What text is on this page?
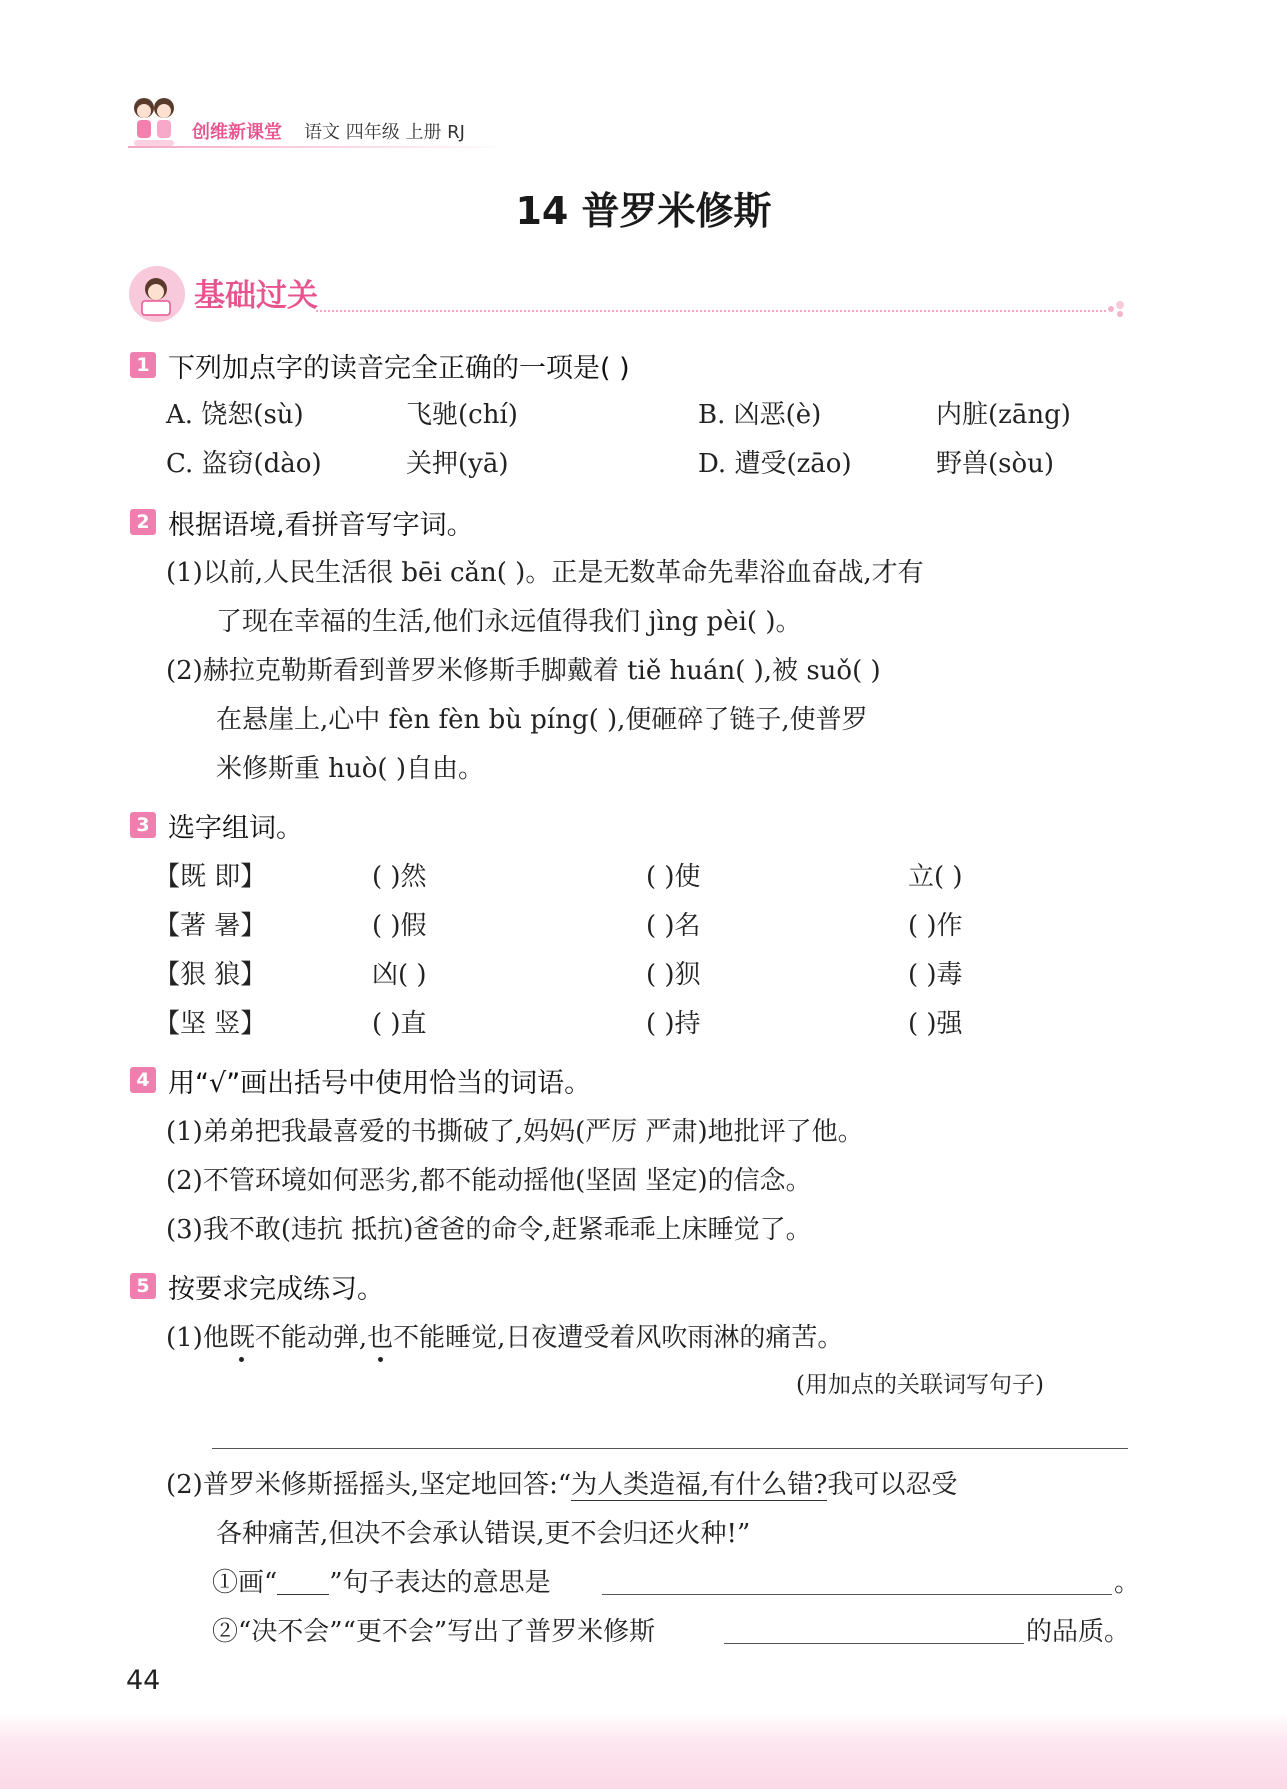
创维新课堂 语文 四年级 上册 RJ
14 普罗米修斯
基础过关
1 下列加点字的读音完全正确的一项是( )
A. 饶恕(sù)	飞驰(chí)	B. 凶恶(è)	内脏(zāng)
C. 盗窃(dào)	关押(yā)	D. 遭受(zāo)	野兽(sòu)
2 根据语境,看拼音写字词。
(1)以前,人民生活很 bēi cǎn( )。正是无数革命先辈浴血奋战,才有
了现在幸福的生活,他们永远值得我们 jìng pèi( )。
(2)赫拉克勒斯看到普罗米修斯手脚戴着 tiě huán( ),被 suǒ( )
在悬崖上,心中 fèn fèn bù píng( ),便砸碎了链子,使普罗
米修斯重 huò( )自由。
3 选字组词。
【既 即】	( )然	( )使	立( )
【著 暑】	( )假	( )名	( )作
【狠 狼】	凶( )	( )狈	( )毒
【坚 竖】	( )直	( )持	( )强
4 用“√”画出括号中使用恰当的词语。
(1)弟弟把我最喜爱的书撕破了,妈妈(严厉 严肃)地批评了他。
(2)不管环境如何恶劣,都不能动摇他(坚固 坚定)的信念。
(3)我不敢(违抗 抵抗)爸爸的命令,赶紧乖乖上床睡觉了。
5 按要求完成练习。
(1)他既不能动弹,也不能睡觉,日夜遭受着风吹雨淋的痛苦。
(用加点的关联词写句子)
(2)普罗米修斯摇摇头,坚定地回答:“为人类造福,有什么错?我可以忍受
各种痛苦,但决不会承认错误,更不会归还火种!”
①画“ ”句子表达的意思是	。
②“决不会”“更不会”写出了普罗米修斯	的品质。
44
